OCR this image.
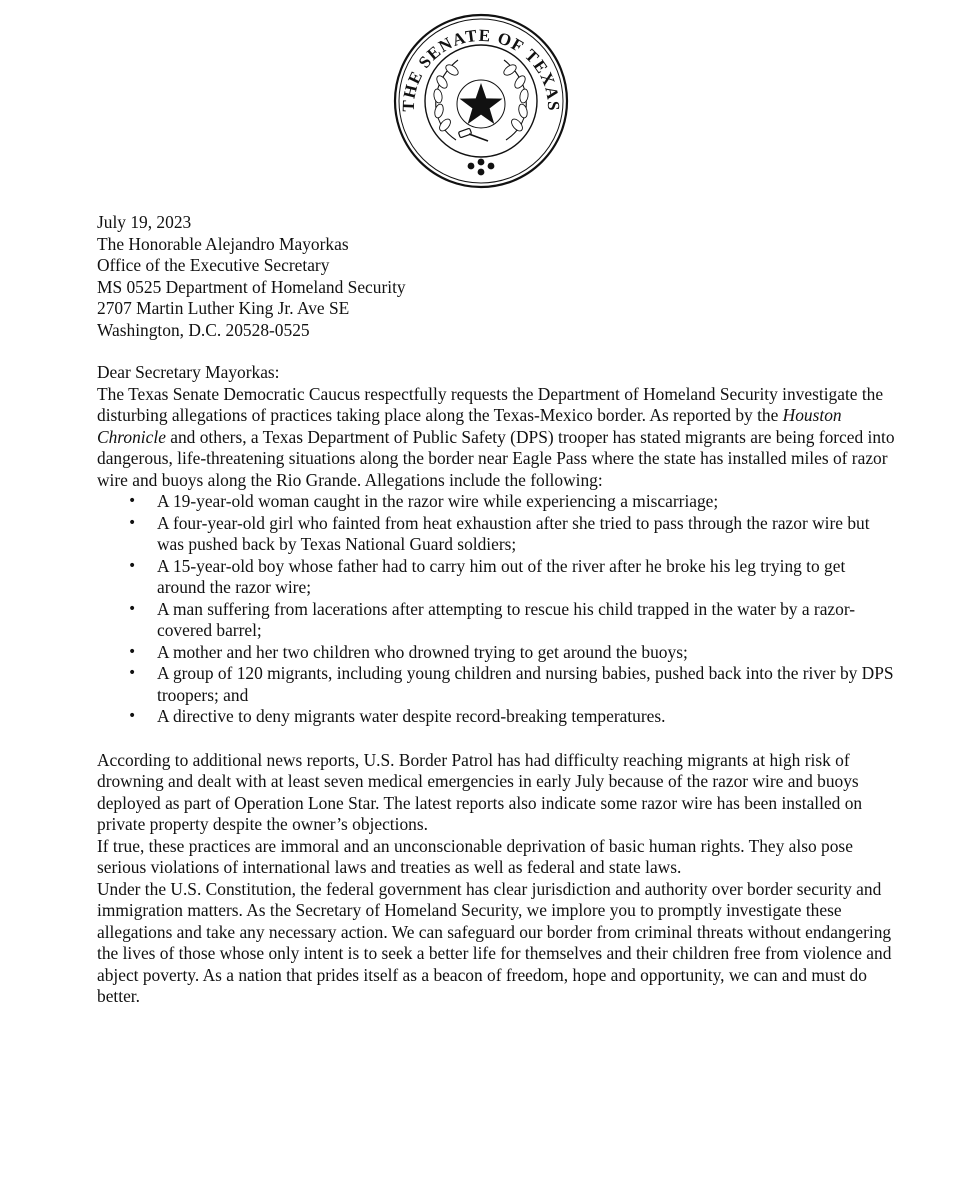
THE SENATE OF TEXAS

July 19, 2023

The Honorable Alejandro Mayorkas
Office of the Executive Secretary
MS 0525 Department of Homeland Security
2707 Martin Luther King Jr. Ave SE
Washington, D.C. 20528-0525

Dear Secretary Mayorkas:

The Texas Senate Democratic Caucus respectfully requests the Department of Homeland Security investigate the disturbing allegations of practices taking place along the Texas-Mexico border. As reported by the Houston Chronicle and others, a Texas Department of Public Safety (DPS) trooper has stated migrants are being forced into dangerous, life-threatening situations along the border near Eagle Pass where the state has installed miles of razor wire and buoys along the Rio Grande. Allegations include the following:

• A 19-year-old woman caught in the razor wire while experiencing a miscarriage;
• A four-year-old girl who fainted from heat exhaustion after she tried to pass through the razor wire but was pushed back by Texas National Guard soldiers;
• A 15-year-old boy whose father had to carry him out of the river after he broke his leg trying to get around the razor wire;
• A man suffering from lacerations after attempting to rescue his child trapped in the water by a razor-covered barrel;
• A mother and her two children who drowned trying to get around the buoys;
• A group of 120 migrants, including young children and nursing babies, pushed back into the river by DPS troopers; and
• A directive to deny migrants water despite record-breaking temperatures.

According to additional news reports, U.S. Border Patrol has had difficulty reaching migrants at high risk of drowning and dealt with at least seven medical emergencies in early July because of the razor wire and buoys deployed as part of Operation Lone Star. The latest reports also indicate some razor wire has been installed on private property despite the owner’s objections.

If true, these practices are immoral and an unconscionable deprivation of basic human rights. They also pose serious violations of international laws and treaties as well as federal and state laws.

Under the U.S. Constitution, the federal government has clear jurisdiction and authority over border security and immigration matters. As the Secretary of Homeland Security, we implore you to promptly investigate these allegations and take any necessary action. We can safeguard our border from criminal threats without endangering the lives of those whose only intent is to seek a better life for themselves and their children free from violence and abject poverty. As a nation that prides itself as a beacon of freedom, hope and opportunity, we can and must do better.
